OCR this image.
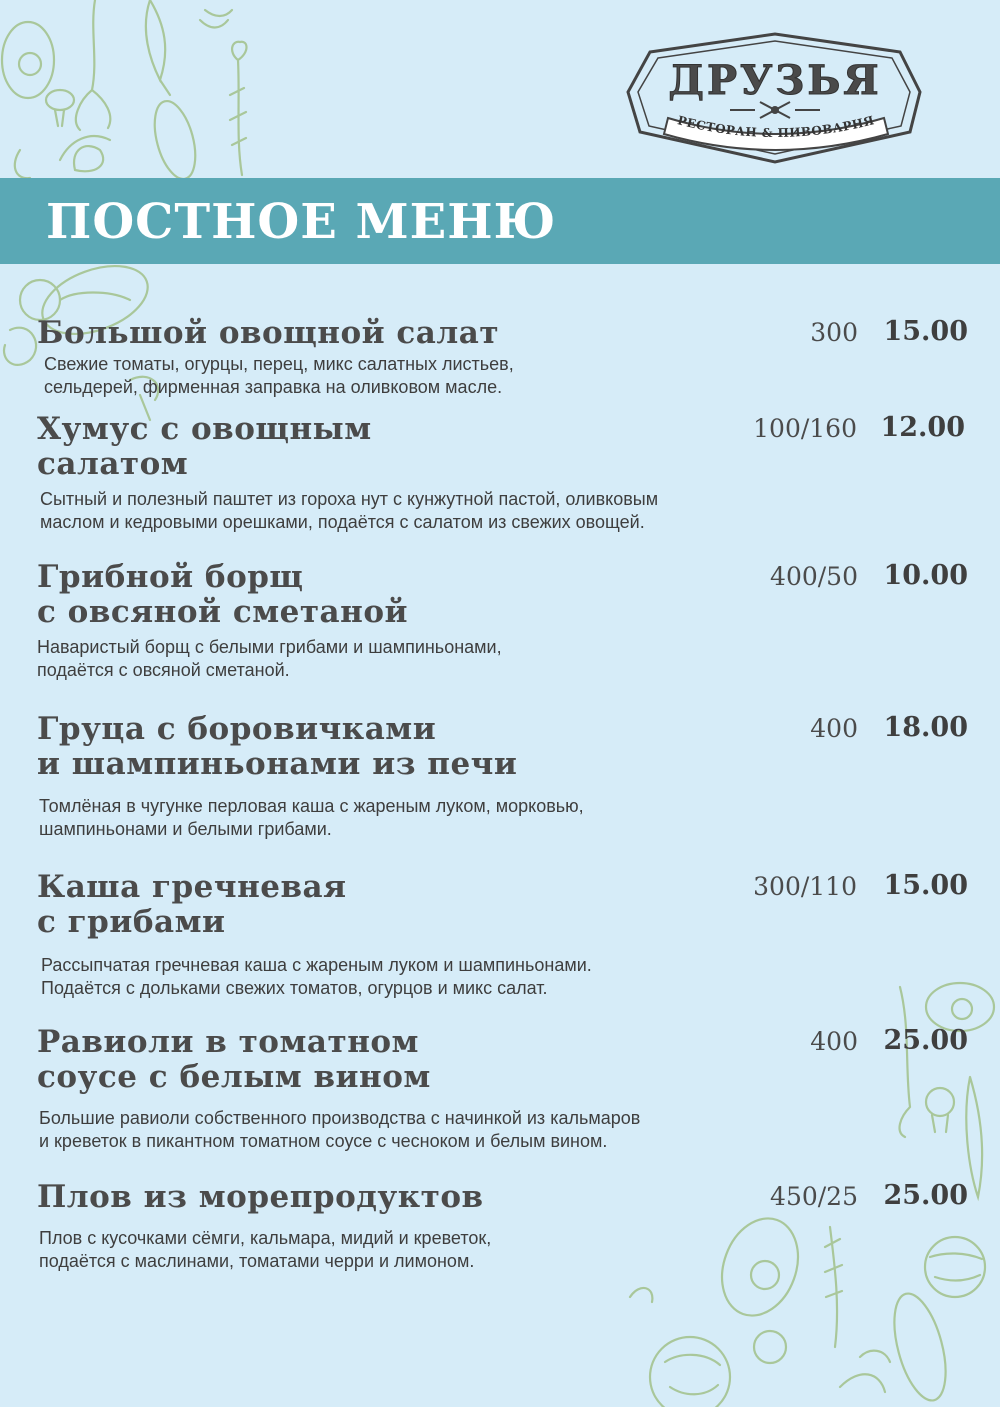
ДРУЗЬЯ
РЕСТОРАН & ПИВОВАРНЯ
ПОСТНОЕ МЕНЮ
Большой овощной салат	300 15.00

Свежие томаты, огурцы, перец, микс салатных листьев,
сельдерей, фирменная заправка на оливковом масле.

Хумус с овощным
салатом
100/160 12.00

Сытный и полезный паштет из гороха нут с кунжутной пастой, оливковым
маслом и кедровыми орешками, подаётся с салатом из свежих овощей.

Грибной борщ
с овсяной сметаной
400/50 10.00

Наваристый борщ с белыми грибами и шампиньонами,
подаётся с овсяной сметаной.

Груца с боровичками
и шампиньонами из печи
400 18.00

Томлёная в чугунке перловая каша с жареным луком, морковью,
шампиньонами и белыми грибами.

Каша гречневая
с грибами
300/110 15.00

Рассыпчатая гречневая каша с жареным луком и шампиньонами.
Подаётся с дольками свежих томатов, огурцов и микс салат.

Равиоли в томатном
соусе с белым вином
400 25.00

Большие равиоли собственного производства с начинкой из кальмаров
и креветок в пикантном томатном соусе с чесноком и белым вином.

Плов из морепродуктов	450/25 25.00

Плов с кусочками сёмги, кальмара, мидий и креветок,
подаётся с маслинами, томатами черри и лимоном.
